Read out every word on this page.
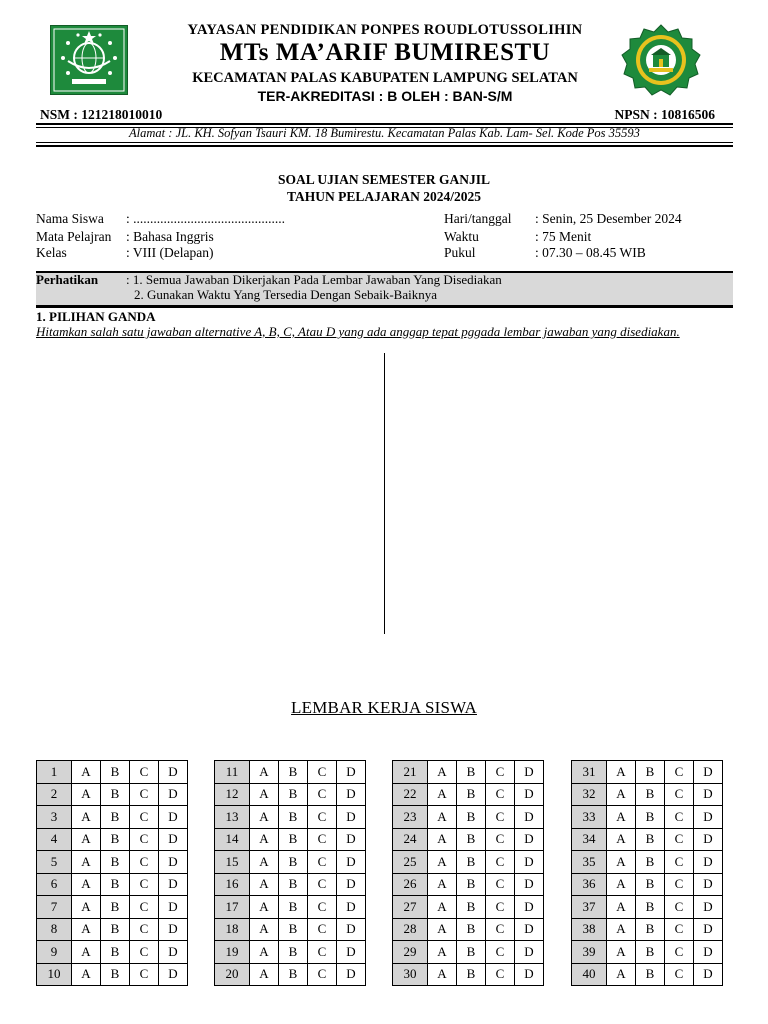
YAYASAN PENDIDIKAN PONPES ROUDLOTUSSOLIHIN
MTs MA’ARIF BUMIRESTU
KECAMATAN PALAS KABUPATEN LAMPUNG SELATAN
TER-AKREDITASI : B OLEH : BAN-S/M
NSM : 121218010010	NPSN : 10816506
Alamat : JL. KH. Sofyan Tsauri KM. 18 Bumirestu. Kecamatan Palas Kab. Lam- Sel. Kode Pos 35593
SOAL UJIAN SEMESTER GANJIL
TAHUN PELAJARAN 2024/2025
Nama Siswa : .............................................
Mata Pelajran : Bahasa Inggris
Kelas	: VIII (Delapan)
Hari/tanggal : Senin, 25 Desember 2024
Waktu	: 75 Menit
Pukul	: 07.30 – 08.45 WIB
Perhatikan : 1. Semua Jawaban Dikerjakan Pada Lembar Jawaban Yang Disediakan
2. Gunakan Waktu Yang Tersedia Dengan Sebaik-Baiknya
1. PILIHAN GANDA
Hitamkan salah satu jawaban alternative A, B, C, Atau D yang ada anggap tepat pggada lembar jawaban yang disediakan.
LEMBAR KERJA SISWA
1	A	B	C	D
2	A	B	C	D
3	A	B	C	D
4	A	B	C	D
5	A	B	C	D
6	A	B	C	D
7	A	B	C	D
8	A	B	C	D
9	A	B	C	D
10	A	B	C	D
11	A	B	C	D
12	A	B	C	D
13	A	B	C	D
14	A	B	C	D
15	A	B	C	D
16	A	B	C	D
17	A	B	C	D
18	A	B	C	D
19	A	B	C	D
20	A	B	C	D
21	A	B	C	D
22	A	B	C	D
23	A	B	C	D
24	A	B	C	D
25	A	B	C	D
26	A	B	C	D
27	A	B	C	D
28	A	B	C	D
29	A	B	C	D
30	A	B	C	D
31	A	B	C	D
32	A	B	C	D
33	A	B	C	D
34	A	B	C	D
35	A	B	C	D
36	A	B	C	D
37	A	B	C	D
38	A	B	C	D
39	A	B	C	D
40	A	B	C	D
